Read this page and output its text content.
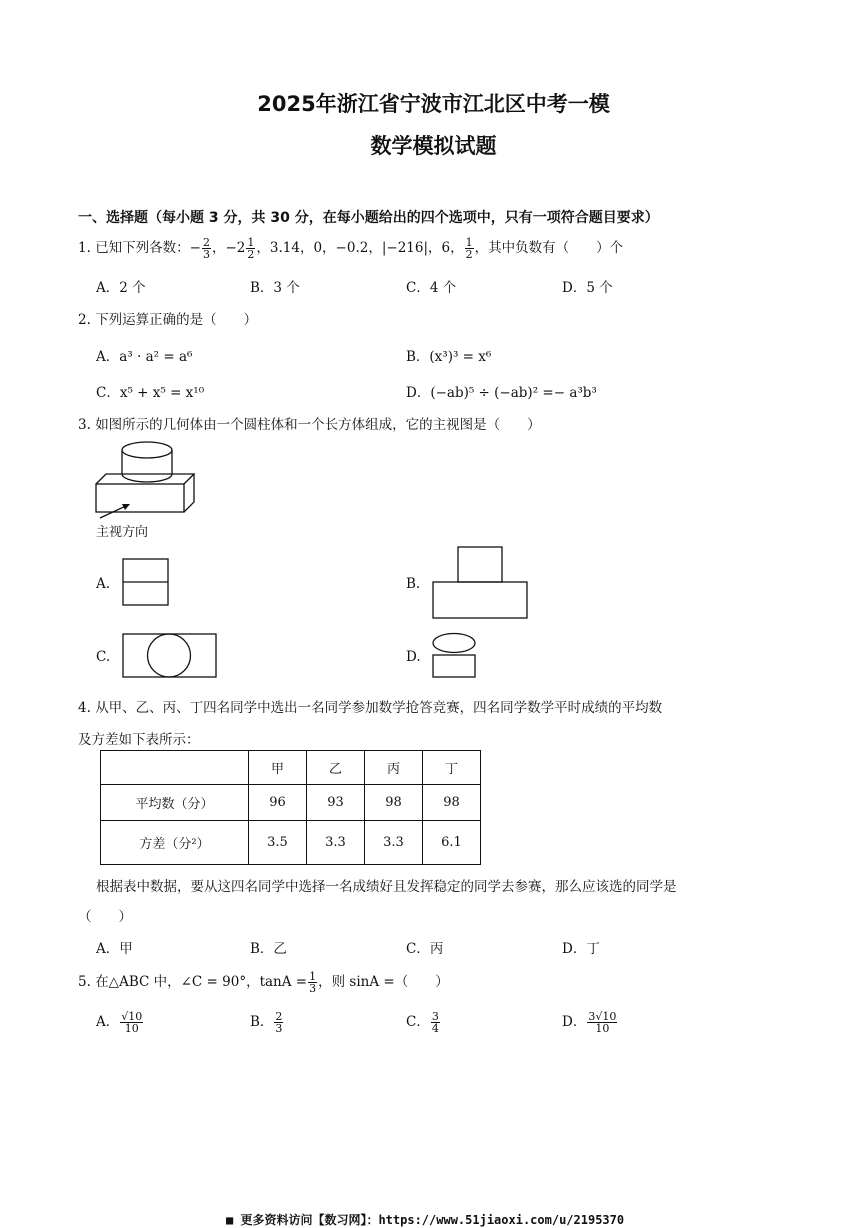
2025年浙江省宁波市江北区中考一模
数学模拟试题
一、选择题（每小题 3 分，共 30 分，在每小题给出的四个选项中，只有一项符合题目要求）
1. 已知下列各数：− $\frac{2}{3}$ ，$-2 \frac{1}{2}$ ，3.14，0，−0.2，|−216|，6， $\frac{1}{2}$ ，其中负数有（　　）个
A．2 个	B．3 个	C．4 个	D．5 个
2. 下列运算正确的是（　　）
A．a³ · a² = a⁶	B．(x³)³ = x⁶
C．x⁵ + x⁵ = x¹⁰	D．(−ab)⁵ ÷ (−ab)² =− a³b³
3. 如图所示的几何体由一个圆柱体和一个长方体组成，它的主视图是（　　）
主视方向
A.	B.
C.	D.
4. 从甲、乙、丙、丁四名同学中选出一名同学参加数学抢答竞赛，四名同学数学平时成绩的平均数
及方差如下表所示：
	甲	乙	丙	丁
平均数（分）	96	93	98	98
方差（分²）	3.5	3.3	3.3	6.1
根据表中数据，要从这四名同学中选择一名成绩好且发挥稳定的同学去参赛，那么应该选的同学是
（　　）
A．甲	B．乙	C．丙	D．丁
5. 在△ABC 中，∠C = 90°，$\tan A = \frac{1}{3}$ ，则 sinA =（　　）
A． $\frac{√10}{10}$	B． $\frac{2}{3}$	C． $\frac{3}{4}$	D． $\frac{3√10}{10}$
■ 更多资料访问【数习网】：https://www.51jiaoxi.com/u/2195370
